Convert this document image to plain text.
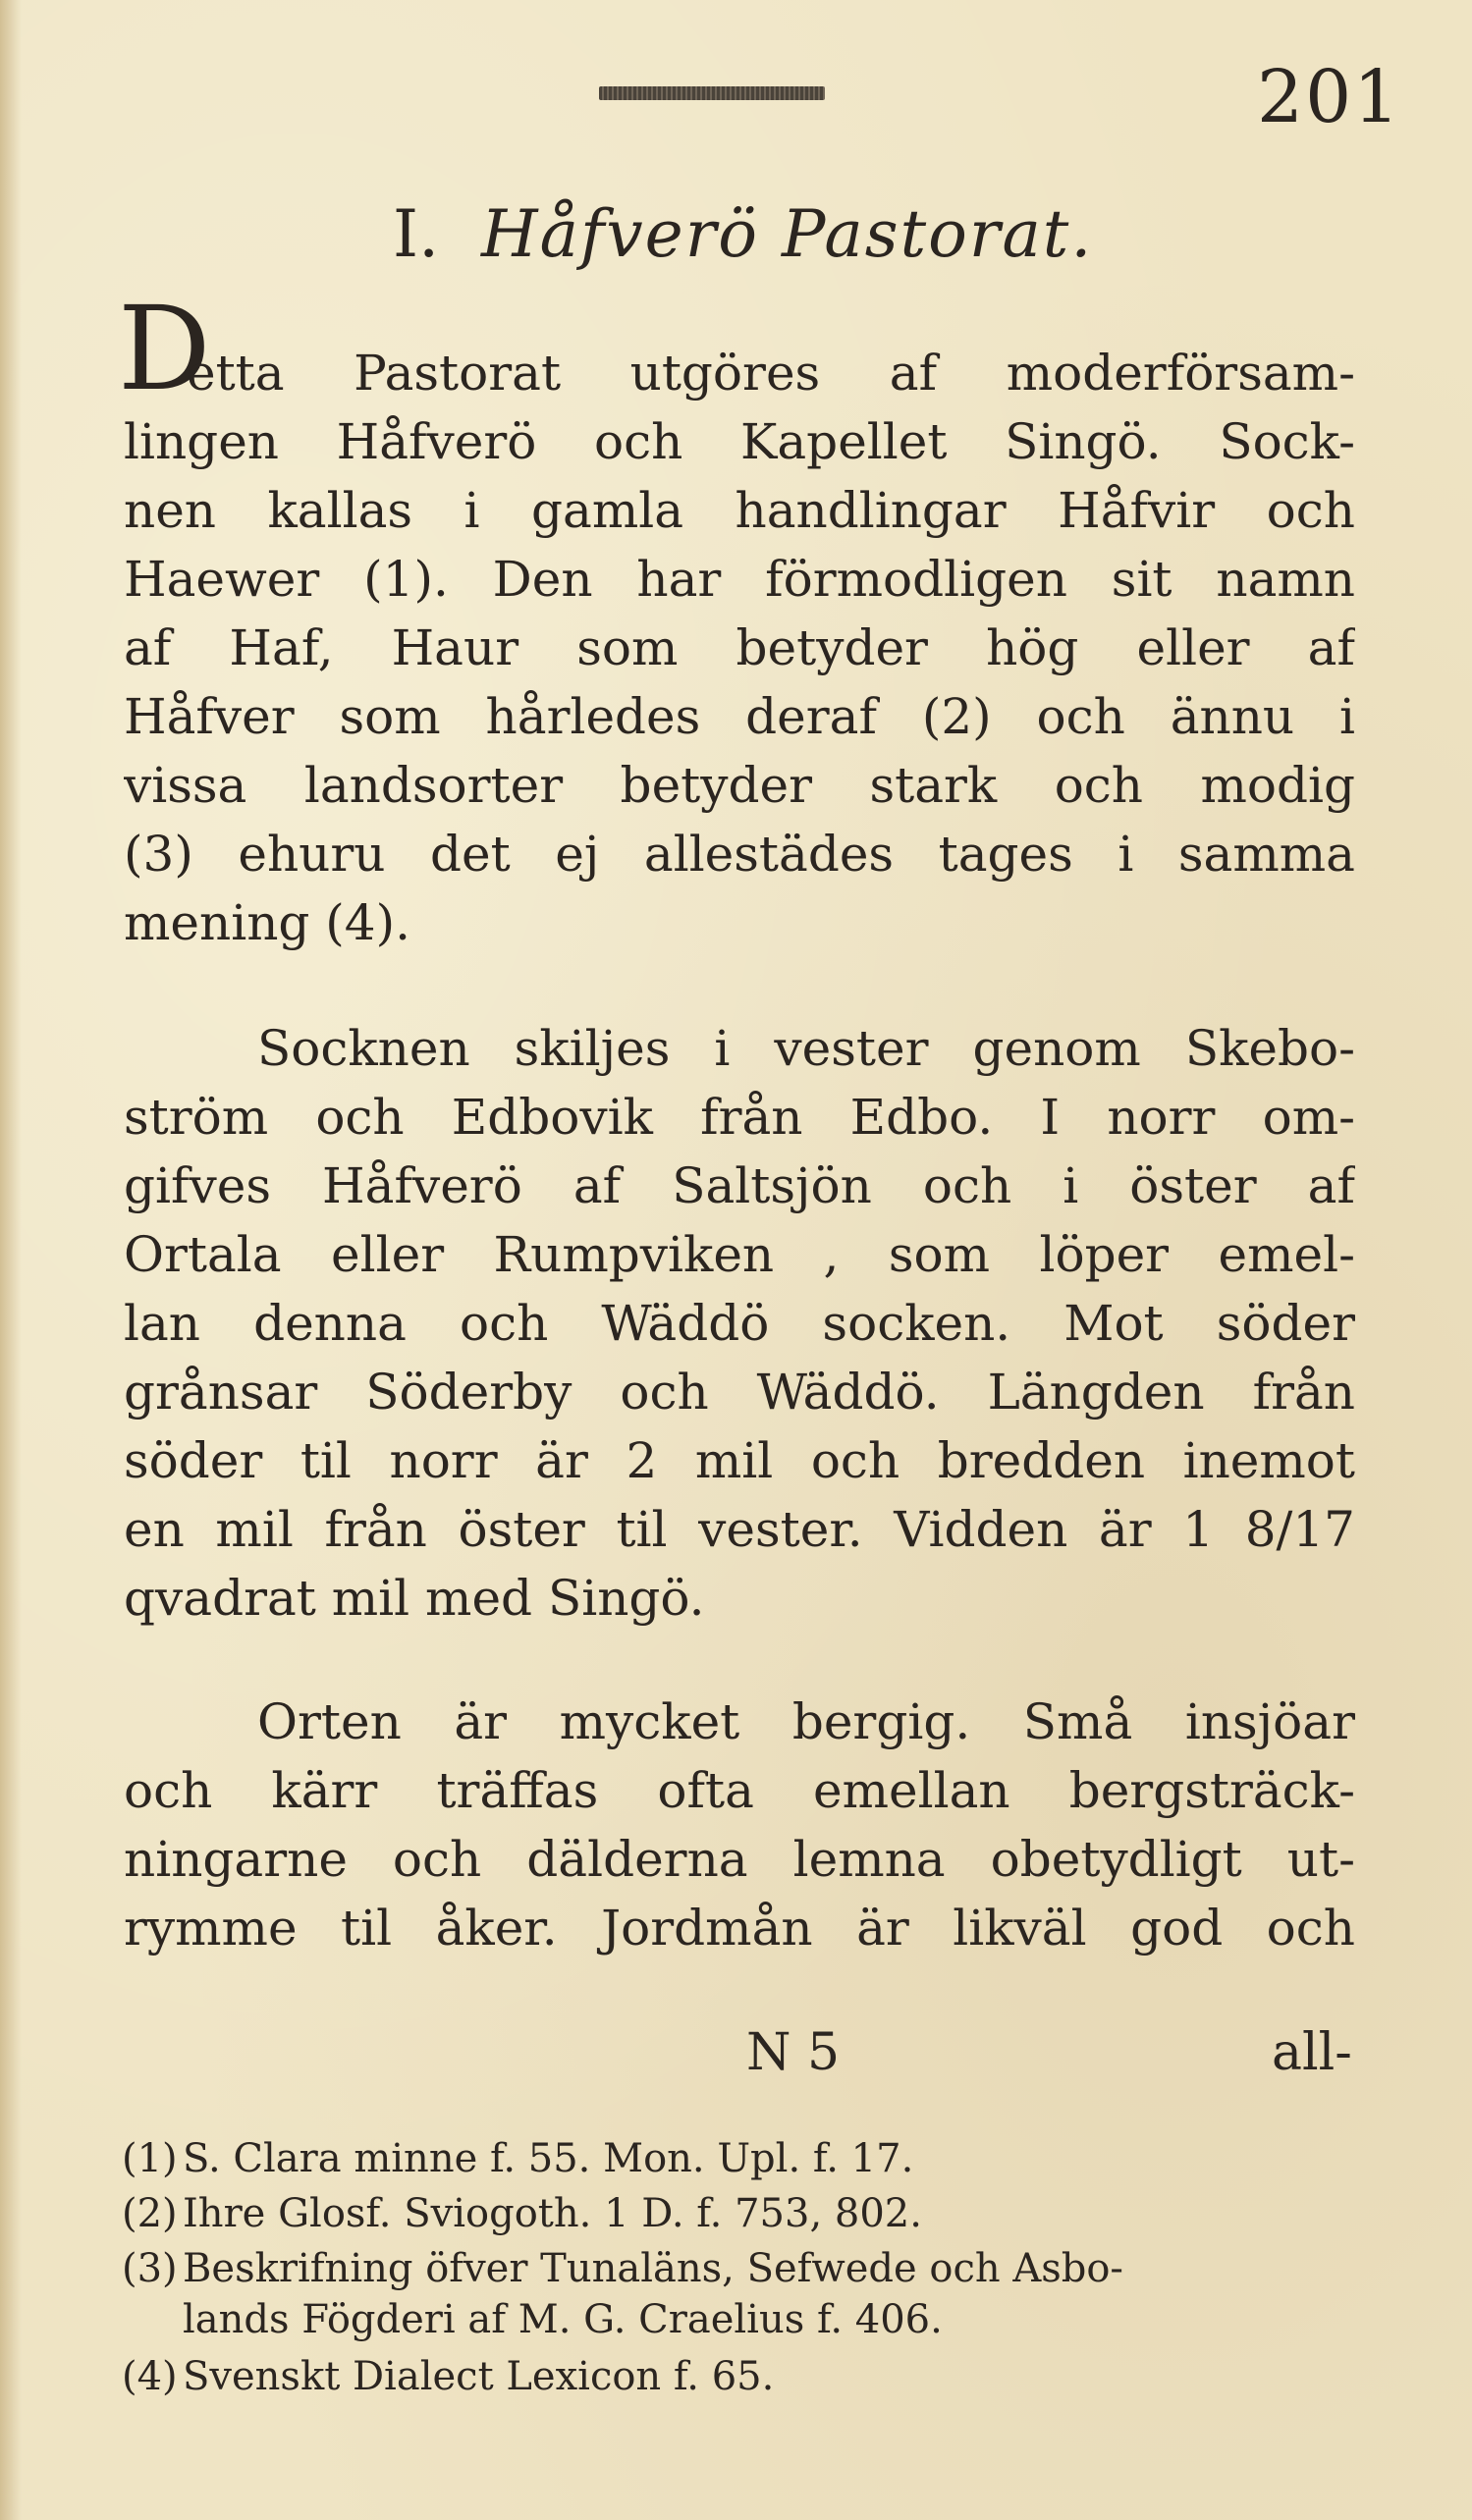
201
I. Håfverö Pastorat.
D
etta Pastorat utgöres af moderförsam-
lingen Håfverö och Kapellet Singö. Sock-
nen kallas i gamla handlingar Håfvir och
Haewer (1). Den har förmodligen sit namn
af Haf, Haur som betyder hög eller af
Håfver som hårledes deraf (2) och ännu i
vissa landsorter betyder stark och modig
(3) ehuru det ej allestädes tages i samma
mening (4).
Socknen skiljes i vester genom Skebo-
ström och Edbovik från Edbo. I norr om-
gifves Håfverö af Saltsjön och i öster af
Ortala eller Rumpviken , som löper emel-
lan denna och Wäddö socken. Mot söder
grånsar Söderby och Wäddö. Längden från
söder til norr är 2 mil och bredden inemot
en mil från öster til vester. Vidden är 1 8/17
qvadrat mil med Singö.
Orten är mycket bergig. Små insjöar
och kärr träffas ofta emellan bergsträck-
ningarne och dälderna lemna obetydligt ut-
rymme til åker. Jordmån är likväl god och
N 5	all-
(1) S. Clara minne f. 55. Mon. Upl. f. 17.
(2) Ihre Glosf. Sviogoth. 1 D. f. 753, 802.
(3) Beskrifning öfver Tunaläns, Sefwede och Asbo-
lands Fögderi af M. G. Craelius f. 406.
(4) Svenskt Dialect Lexicon f. 65.
